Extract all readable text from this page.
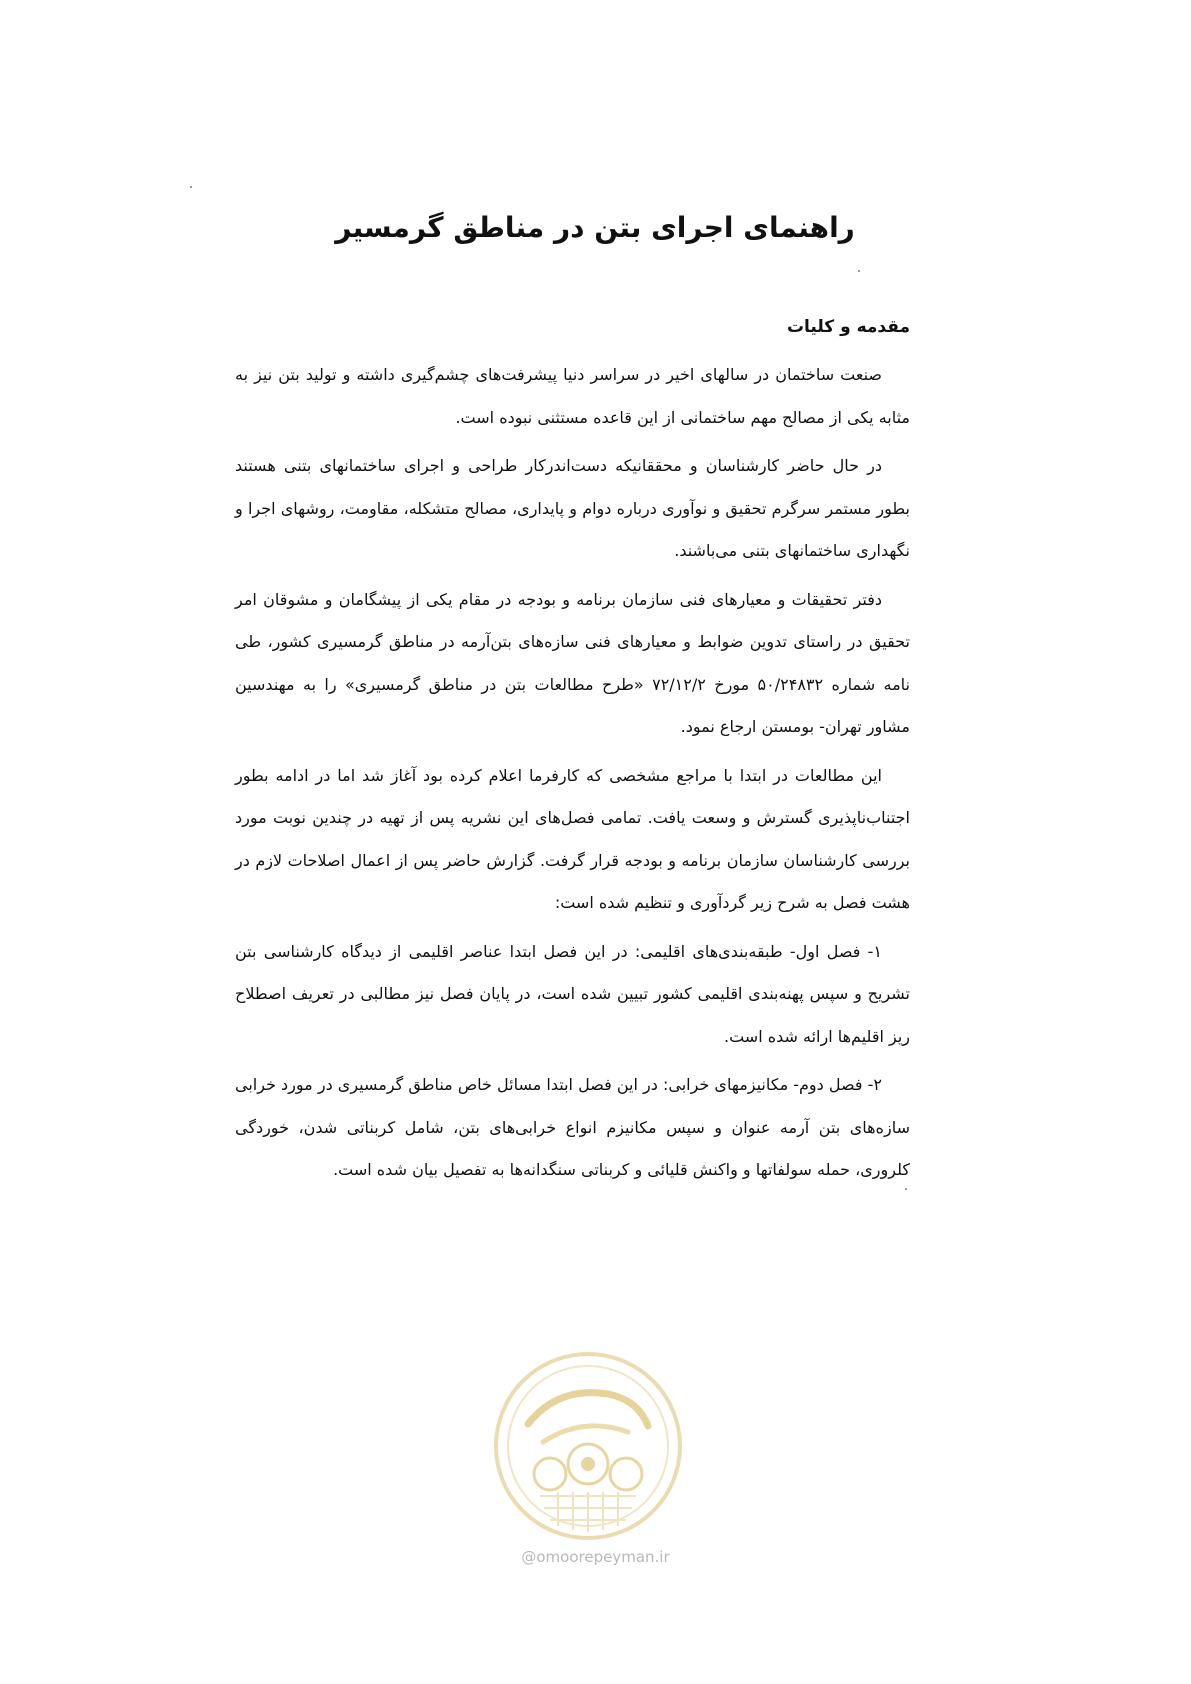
راهنمای اجرای بتن در مناطق گرمسیر
مقدمه و کلیات

صنعت ساختمان در سالهای اخیر در سراسر دنیا پیشرفت‌های چشم‌گیری داشته و تولید بتن نیز به مثابه یکی از مصالح مهم ساختمانی از این قاعده مستثنی نبوده است.

در حال حاضر کارشناسان و محققانیکه دست‌اندرکار طراحی و اجرای ساختمانهای بتنی هستند بطور مستمر سرگرم تحقیق و نوآوری درباره دوام و پایداری، مصالح متشکله، مقاومت، روشهای اجرا و نگهداری ساختمانهای بتنی می‌باشند.

دفتر تحقیقات و معیارهای فنی سازمان برنامه و بودجه در مقام یکی از پیشگامان و مشوقان امر تحقیق در راستای تدوین ضوابط و معیارهای فنی سازه‌های بتن‌آرمه در مناطق گرمسیری کشور، طی نامه شماره ۵۰/۲۴۸۳۲ مورخ ۷۲/۱۲/۲ «طرح مطالعات بتن در مناطق گرمسیری» را به مهندسین مشاور تهران- بومستن ارجاع نمود.

این مطالعات در ابتدا با مراجع مشخصی که کارفرما اعلام کرده بود آغاز شد اما در ادامه بطور اجتناب‌ناپذیری گسترش و وسعت یافت. تمامی فصل‌های این نشریه پس از تهیه در چندین نوبت مورد بررسی کارشناسان سازمان برنامه و بودجه قرار گرفت. گزارش حاضر پس از اعمال اصلاحات لازم در هشت فصل به شرح زیر گردآوری و تنظیم شده است:

۱- فصل اول- طبقه‌بندی‌های اقلیمی: در این فصل ابتدا عناصر اقلیمی از دیدگاه کارشناسی بتن تشریح و سپس پهنه‌بندی اقلیمی کشور تبیین شده است، در پایان فصل نیز مطالبی در تعریف اصطلاح ریز اقلیم‌ها ارائه شده است.

۲- فصل دوم- مکانیزمهای خرابی: در این فصل ابتدا مسائل خاص مناطق گرمسیری در مورد خرابی سازه‌های بتن آرمه عنوان و سپس مکانیزم انواع خرابی‌های بتن، شامل کربناتی شدن، خوردگی کلروری، حمله سولفاتها و واکنش قلیائی و کربناتی سنگدانه‌ها به تفصیل بیان شده است.

@omoorepeyman.ir
